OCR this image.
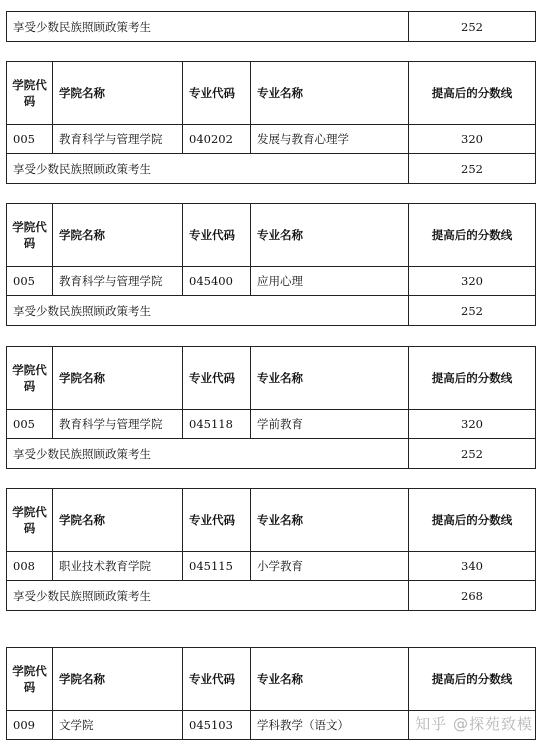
享受少数民族照顾政策考生	252
学院代码	学院名称	专业代码	专业名称	提高后的分数线
005	教育科学与管理学院	040202	发展与教育心理学	320
享受少数民族照顾政策考生				252
学院代码	学院名称	专业代码	专业名称	提高后的分数线
005	教育科学与管理学院	045400	应用心理	320
享受少数民族照顾政策考生				252
学院代码	学院名称	专业代码	专业名称	提高后的分数线
005	教育科学与管理学院	045118	学前教育	320
享受少数民族照顾政策考生				252
学院代码	学院名称	专业代码	专业名称	提高后的分数线
008	职业技术教育学院	045115	小学教育	340
享受少数民族照顾政策考生				268
学院代码	学院名称	专业代码	专业名称	提高后的分数线
009	文学院	045103	学科教学（语文）		知乎 @探苑致模
